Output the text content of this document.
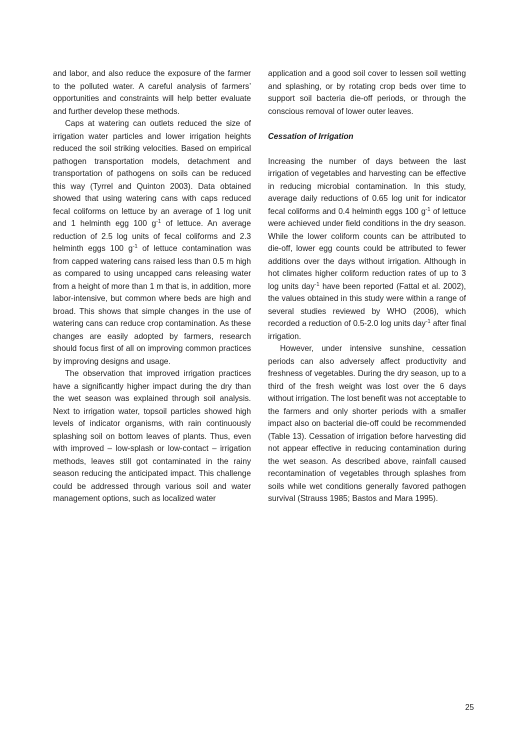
and labor, and also reduce the exposure of the farmer to the polluted water. A careful analysis of farmers’ opportunities and constraints will help better evaluate and further develop these methods.

Caps at watering can outlets reduced the size of irrigation water particles and lower irrigation heights reduced the soil striking velocities. Based on empirical pathogen transportation models, detachment and transportation of pathogens on soils can be reduced this way (Tyrrel and Quinton 2003). Data obtained showed that using watering cans with caps reduced fecal coliforms on lettuce by an average of 1 log unit and 1 helminth egg 100 $g^{-1}$ of lettuce. An average reduction of 2.5 log units of fecal coliforms and 2.3 helminth eggs 100 $g^{-1}$ of lettuce contamination was from capped watering cans raised less than 0.5 m high as compared to using uncapped cans releasing water from a height of more than 1 m that is, in addition, more labor-intensive, but common where beds are high and broad. This shows that simple changes in the use of watering cans can reduce crop contamination. As these changes are easily adopted by farmers, research should focus first of all on improving common practices by improving designs and usage.

The observation that improved irrigation practices have a significantly higher impact during the dry than the wet season was explained through soil analysis. Next to irrigation water, topsoil particles showed high levels of indicator organisms, with rain continuously splashing soil on bottom leaves of plants. Thus, even with improved – low-splash or low-contact – irrigation methods, leaves still got contaminated in the rainy season reducing the anticipated impact. This challenge could be addressed through various soil and water management options, such as localized water

application and a good soil cover to lessen soil wetting and splashing, or by rotating crop beds over time to support soil bacteria die-off periods, or through the conscious removal of lower outer leaves.

Cessation of Irrigation

Increasing the number of days between the last irrigation of vegetables and harvesting can be effective in reducing microbial contamination. In this study, average daily reductions of 0.65 log unit for indicator fecal coliforms and 0.4 helminth eggs 100 $g^{-1}$ of lettuce were achieved under field conditions in the dry season. While the lower coliform counts can be attributed to die-off, lower egg counts could be attributed to fewer additions over the days without irrigation. Although in hot climates higher coliform reduction rates of up to 3 log units day$^{-1}$ have been reported (Fattal et al. 2002), the values obtained in this study were within a range of several studies reviewed by WHO (2006), which recorded a reduction of 0.5-2.0 log units day$^{-1}$ after final irrigation.

However, under intensive sunshine, cessation periods can also adversely affect productivity and freshness of vegetables. During the dry season, up to a third of the fresh weight was lost over the 6 days without irrigation. The lost benefit was not acceptable to the farmers and only shorter periods with a smaller impact also on bacterial die-off could be recommended (Table 13). Cessation of irrigation before harvesting did not appear effective in reducing contamination during the wet season. As described above, rainfall caused recontamination of vegetables through splashes from soils while wet conditions generally favored pathogen survival (Strauss 1985; Bastos and Mara 1995).

25
